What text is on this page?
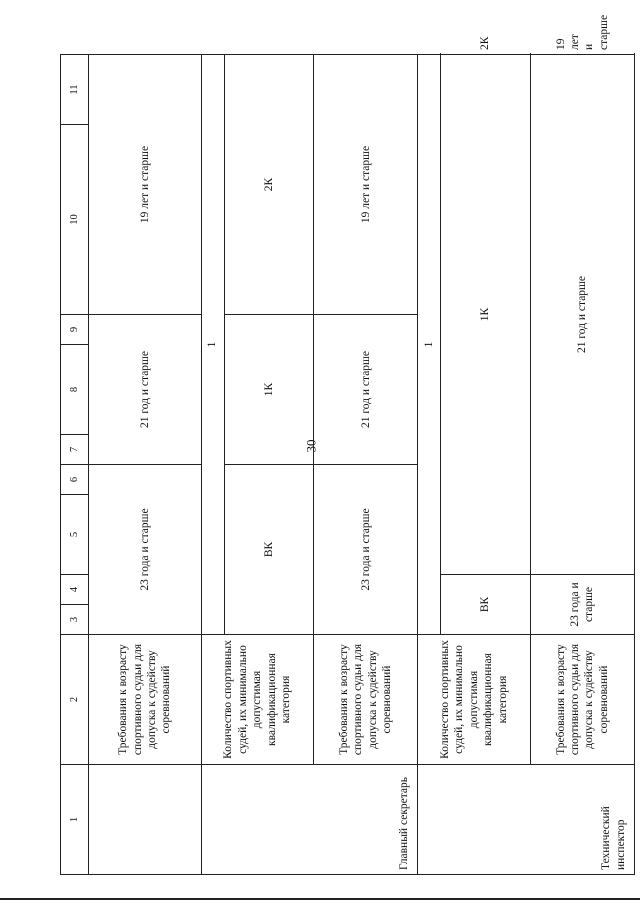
30
1	2	3	4	5	6	7	8	9	10	11	
	Требования к возрасту спортивного судьи для допуска к судейству соревнований	23 года и старше				21 год и старше			19 лет и старше		
Главный секретарь	Количество спортивных судей, их минимально допустимая квалификационная категория	1									
		ВК				1К			2К		
	Требования к возрасту спортивного судьи для допуска к судейству соревнований	23 года и старше				21 год и старше			19 лет и старше		
Технический инспектор	Количество спортивных судей, их минимально допустимая квалификационная категория	1									
		ВК		1К							2К
	Требования к возрасту спортивного судьи для допуска к судейству соревнований	23 года и старше		21 год и старше							19 лет и старше
